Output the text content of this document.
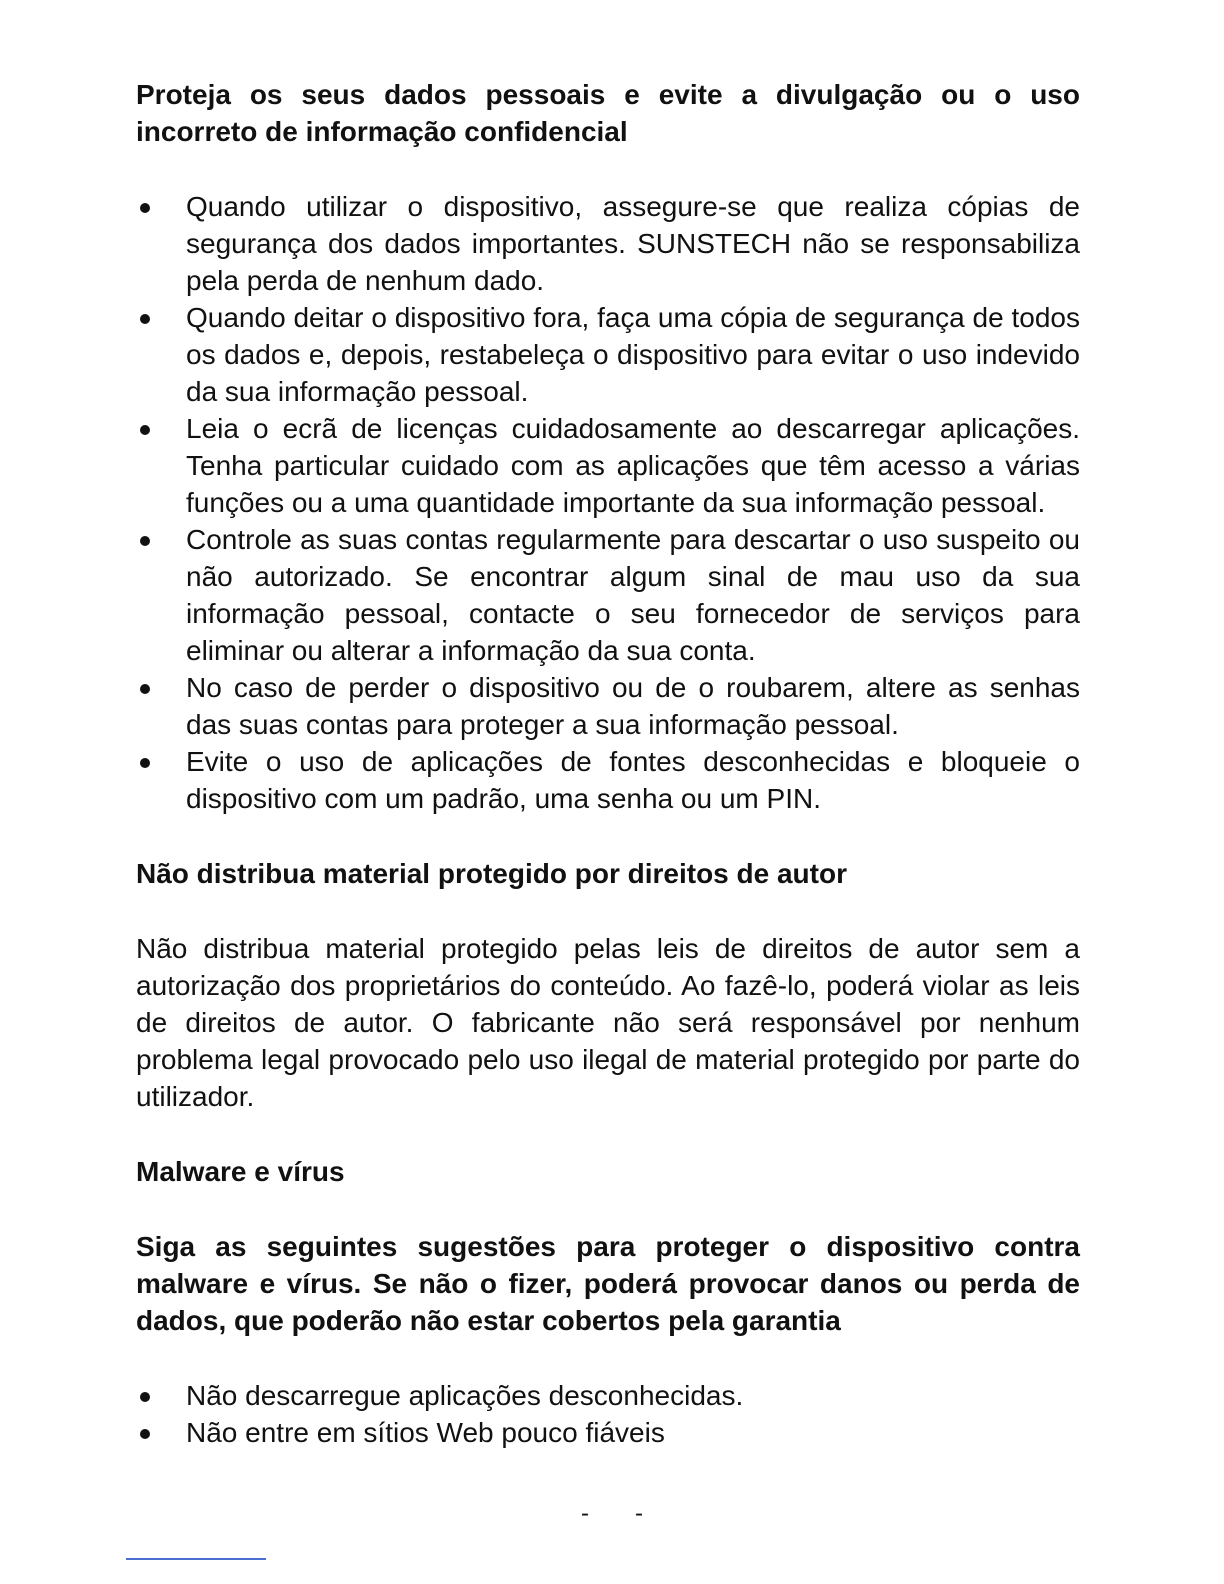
Proteja os seus dados pessoais e evite a divulgação ou o uso incorreto de informação confidencial

Quando utilizar o dispositivo, assegure-se que realiza cópias de segurança dos dados importantes. SUNSTECH não se responsabiliza pela perda de nenhum dado.
Quando deitar o dispositivo fora, faça uma cópia de segurança de todos os dados e, depois, restabeleça o dispositivo para evitar o uso indevido da sua informação pessoal.
Leia o ecrã de licenças cuidadosamente ao descarregar aplicações. Tenha particular cuidado com as aplicações que têm acesso a várias funções ou a uma quantidade importante da sua informação pessoal.
Controle as suas contas regularmente para descartar o uso suspeito ou não autorizado. Se encontrar algum sinal de mau uso da sua informação pessoal, contacte o seu fornecedor de serviços para eliminar ou alterar a informação da sua conta.
No caso de perder o dispositivo ou de o roubarem, altere as senhas das suas contas para proteger a sua informação pessoal.
Evite o uso de aplicações de fontes desconhecidas e bloqueie o dispositivo com um padrão, uma senha ou um PIN.

Não distribua material protegido por direitos de autor

Não distribua material protegido pelas leis de direitos de autor sem a autorização dos proprietários do conteúdo. Ao fazê-lo, poderá violar as leis de direitos de autor. O fabricante não será responsável por nenhum problema legal provocado pelo uso ilegal de material protegido por parte do utilizador.

Malware e vírus

Siga as seguintes sugestões para proteger o dispositivo contra malware e vírus. Se não o fizer, poderá provocar danos ou perda de dados, que poderão não estar cobertos pela garantia

Não descarregue aplicações desconhecidas.
Não entre em sítios Web pouco fiáveis
- -
